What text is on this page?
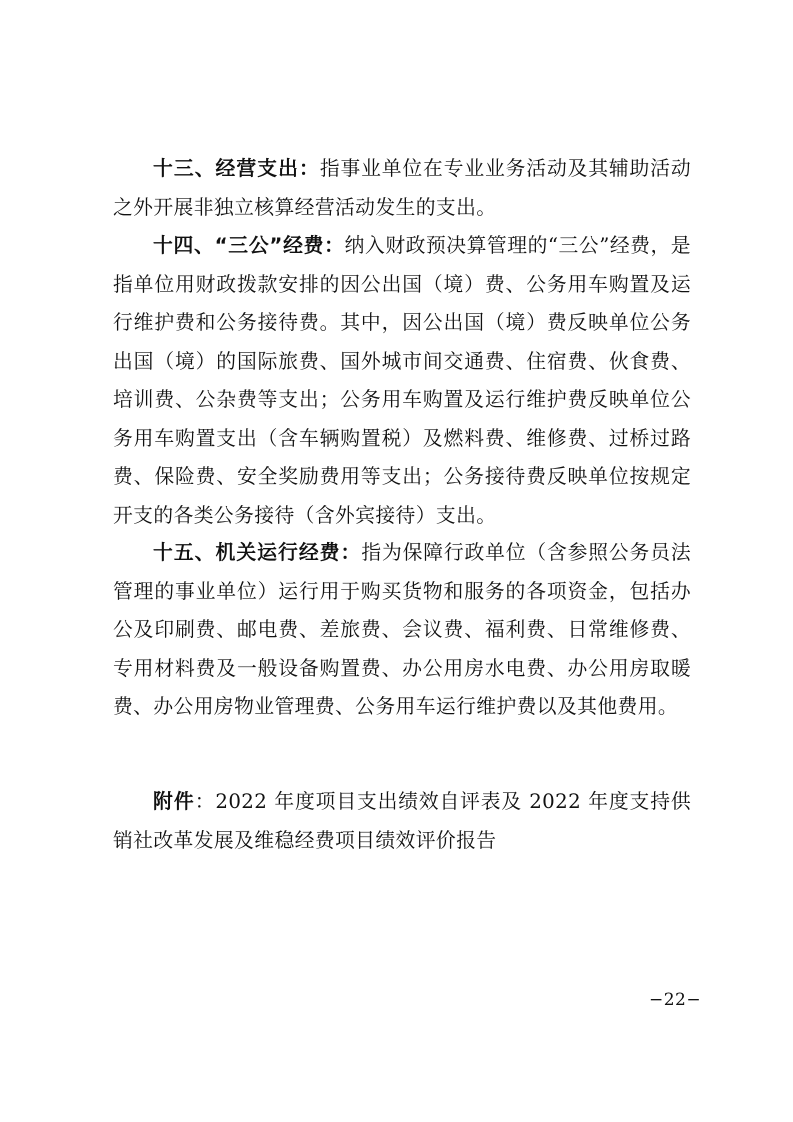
十三、经营支出：指事业单位在专业业务活动及其辅助活动之外开展非独立核算经营活动发生的支出。

十四、“三公”经费：纳入财政预决算管理的“三公”经费，是指单位用财政拨款安排的因公出国（境）费、公务用车购置及运行维护费和公务接待费。其中，因公出国（境）费反映单位公务出国（境）的国际旅费、国外城市间交通费、住宿费、伙食费、培训费、公杂费等支出；公务用车购置及运行维护费反映单位公务用车购置支出（含车辆购置税）及燃料费、维修费、过桥过路费、保险费、安全奖励费用等支出；公务接待费反映单位按规定开支的各类公务接待（含外宾接待）支出。

十五、机关运行经费：指为保障行政单位（含参照公务员法管理的事业单位）运行用于购买货物和服务的各项资金，包括办公及印刷费、邮电费、差旅费、会议费、福利费、日常维修费、专用材料费及一般设备购置费、办公用房水电费、办公用房取暖费、办公用房物业管理费、公务用车运行维护费以及其他费用。

附件：2022 年度项目支出绩效自评表及 2022 年度支持供销社改革发展及维稳经费项目绩效评价报告

−22−
